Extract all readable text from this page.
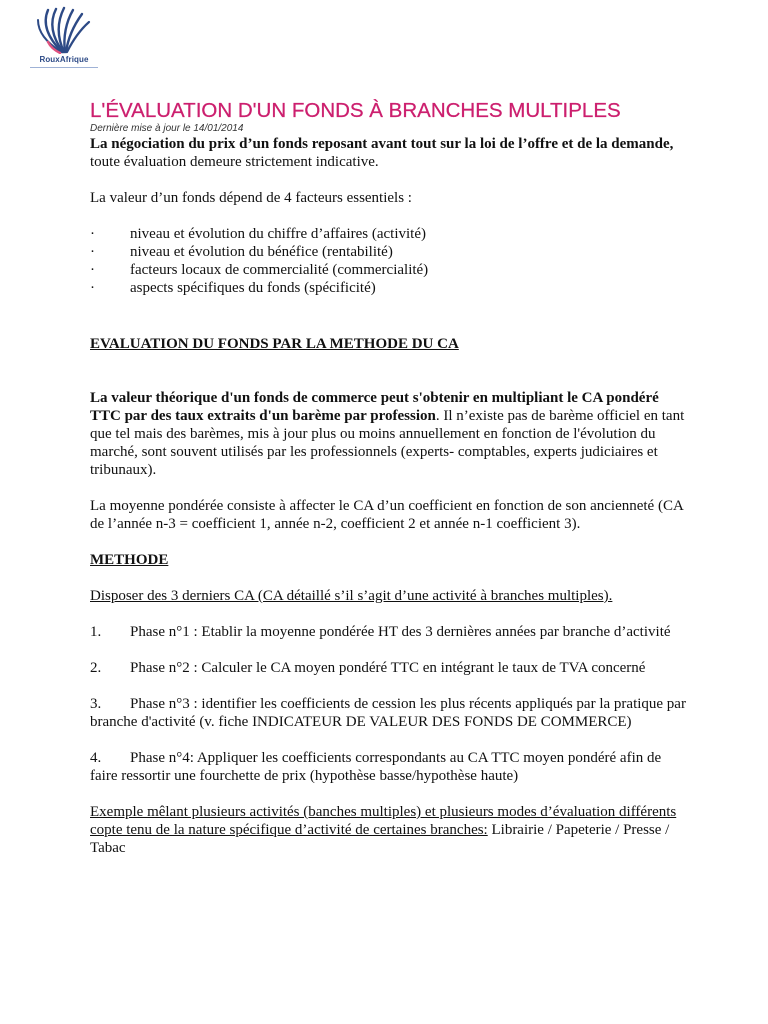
RouxAfrique
L'ÉVALUATION D'UN FONDS À BRANCHES MULTIPLES

Dernière mise à jour le 14/01/2014

La négociation du prix d’un fonds reposant avant tout sur la loi de l’offre et de la demande, toute évaluation demeure strictement indicative.

La valeur d’un fonds dépend de 4 facteurs essentiels :

· niveau et évolution du chiffre d’affaires (activité)
· niveau et évolution du bénéfice (rentabilité)
· facteurs locaux de commercialité (commercialité)
· aspects spécifiques du fonds (spécificité)

EVALUATION DU FONDS PAR LA METHODE DU CA

La valeur théorique d'un fonds de commerce peut s'obtenir en multipliant le CA pondéré TTC par des taux extraits d'un barème par profession. Il n’existe pas de barème officiel en tant que tel mais des barèmes, mis à jour plus ou moins annuellement en fonction de l'évolution du marché, sont souvent utilisés par les professionnels (experts- comptables, experts judiciaires et tribunaux).

La moyenne pondérée consiste à affecter le CA d’un coefficient en fonction de son ancienneté (CA de l’année n-3 = coefficient 1, année n-2, coefficient 2 et année n-1 coefficient 3).

METHODE

Disposer des 3 derniers CA (CA détaillé s’il s’agit d’une activité à branches multiples).

1. Phase n°1 : Etablir la moyenne pondérée HT des 3 dernières années par branche d’activité

2. Phase n°2 : Calculer le CA moyen pondéré TTC en intégrant le taux de TVA concerné

3. Phase n°3 : identifier les coefficients de cession les plus récents appliqués par la pratique par branche d'activité (v. fiche INDICATEUR DE VALEUR DES FONDS DE COMMERCE)

4. Phase n°4: Appliquer les coefficients correspondants au CA TTC moyen pondéré afin de faire ressortir une fourchette de prix (hypothèse basse/hypothèse haute)

Exemple mêlant plusieurs activités (banches multiples) et plusieurs modes d’évaluation différents copte tenu de la nature spécifique d’activité de certaines branches: Librairie / Papeterie / Presse / Tabac
